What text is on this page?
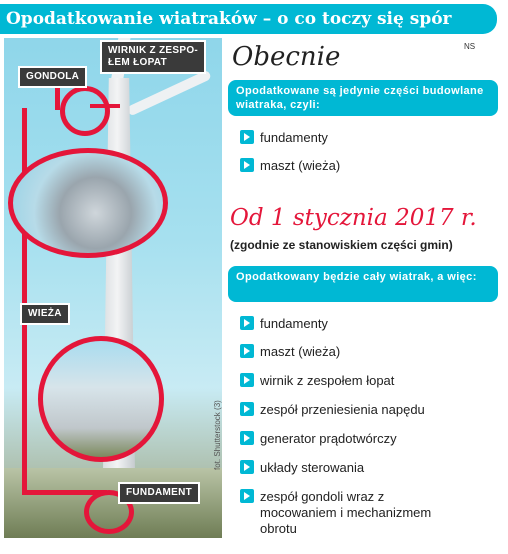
Opodatkowanie wiatraków – o co toczy się spór
GONDOLA
WIRNIK Z ZESPO-
ŁEM ŁOPAT
WIEŻA
FUNDAMENT
fot. Shutterstock (3)
NS
Obecnie
Opodatkowane są jedynie części budowlane wiatraka, czyli:
fundamenty
maszt (wieża)
Od 1 stycznia 2017 r.
(zgodnie ze stanowiskiem części gmin)
Opodatkowany będzie cały wiatrak, a więc:
fundamenty
maszt (wieża)
wirnik z zespołem łopat
zespół przeniesienia napędu
generator prądotwórczy
układy sterowania
zespół gondoli wraz z mocowaniem i mechanizmem obrotu
